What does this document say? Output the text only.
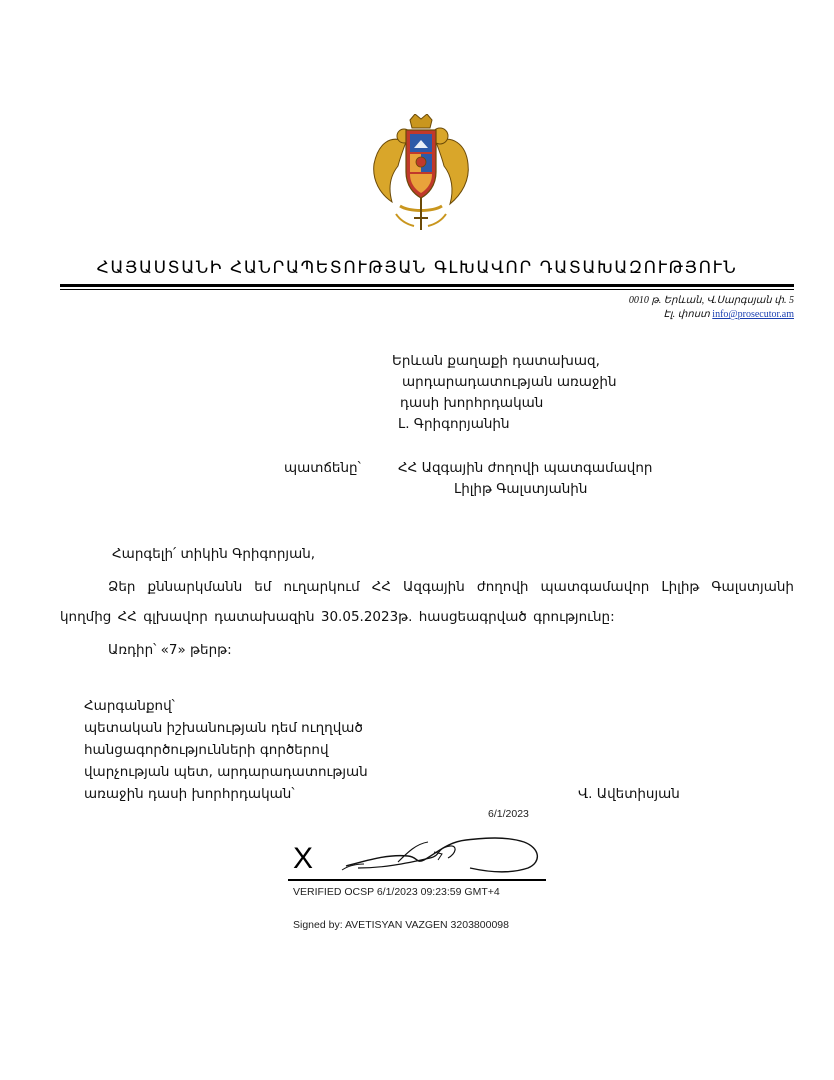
ՀԱՅԱՍՏԱՆԻ ՀԱՆՐԱՊԵՏՈՒԹՅԱՆ ԳԼԽԱՎՈՐ ԴԱՏԱԽԱԶՈՒԹՅՈՒՆ
0010 թ. Երևան, Վ.Սարգսյան փ. 5
Էլ. փոստ info@prosecutor.am
Երևան քաղաքի դատախազ,
արդարադատության առաջին
դասի խորհրդական
Լ. Գրիգորյանին
պատճենը՝	ՀՀ Ազգային ժողովի պատգամավոր
Լիլիթ Գալստյանին
Հարգելի՛ տիկին Գրիգորյան,
Ձեր քննարկմանն եմ ուղարկում ՀՀ Ազգային ժողովի պատգամավոր Լիլիթ Գալստյանի
կողմից ՀՀ գլխավոր դատախազին 30.05.2023թ. հասցեագրված գրությունը:
Առդիր՝ «7» թերթ:
Հարգանքով՝
պետական իշխանության դեմ ուղղված
հանցագործությունների գործերով
վարչության պետ, արդարադատության
առաջին դասի խորհրդական՝	Վ. Ավետիսյան
6/1/2023
X
VERIFIED OCSP 6/1/2023 09:23:59 GMT+4
Signed by: AVETISYAN VAZGEN 3203800098
